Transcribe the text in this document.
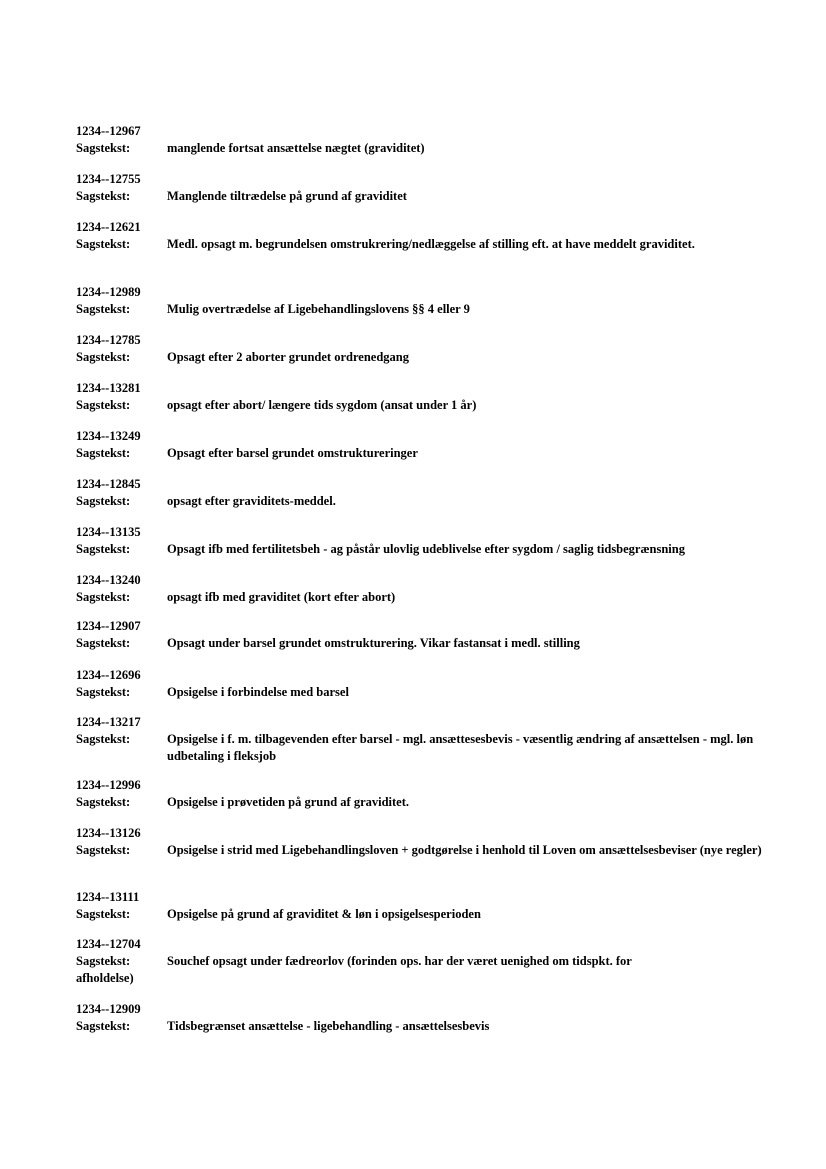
1234--12967
Sagstekst:	manglende fortsat ansættelse nægtet (graviditet)
1234--12755
Sagstekst:	Manglende tiltrædelse på grund af graviditet
1234--12621
Sagstekst:	Medl. opsagt m. begrundelsen omstrukrering/nedlæggelse af stilling eft. at have meddelt graviditet.
1234--12989
Sagstekst:	Mulig overtrædelse af Ligebehandlingslovens §§ 4 eller 9
1234--12785
Sagstekst:	Opsagt efter 2 aborter grundet ordrenedgang
1234--13281
Sagstekst:	opsagt efter abort/ længere tids sygdom (ansat under 1 år)
1234--13249
Sagstekst:	Opsagt efter barsel grundet omstruktureringer
1234--12845
Sagstekst:	opsagt efter graviditets-meddel.
1234--13135
Sagstekst:	Opsagt ifb med fertilitetsbeh - ag påstår ulovlig udeblivelse efter sygdom / saglig tidsbegrænsning
1234--13240
Sagstekst:	opsagt ifb med graviditet (kort efter abort)
1234--12907
Sagstekst:	Opsagt under barsel grundet omstrukturering. Vikar fastansat i medl. stilling
1234--12696
Sagstekst:	Opsigelse i forbindelse med barsel
1234--13217
Sagstekst:	Opsigelse i f. m. tilbagevenden efter barsel - mgl. ansættesesbevis - væsentlig ændring af ansættelsen - mgl. løn udbetaling i fleksjob
1234--12996
Sagstekst:	Opsigelse i prøvetiden på grund af graviditet.
1234--13126
Sagstekst:	Opsigelse i strid med Ligebehandlingsloven + godtgørelse i henhold til Loven om ansættelsesbeviser (nye regler)
1234--13111
Sagstekst:	Opsigelse på grund af graviditet & løn i opsigelsesperioden
1234--12704
Sagstekst:	Souchef opsagt under fædreorlov (forinden ops. har der været uenighed om tidspkt. for
afholdelse)
1234--12909
Sagstekst:	Tidsbegrænset ansættelse - ligebehandling - ansættelsesbevis
